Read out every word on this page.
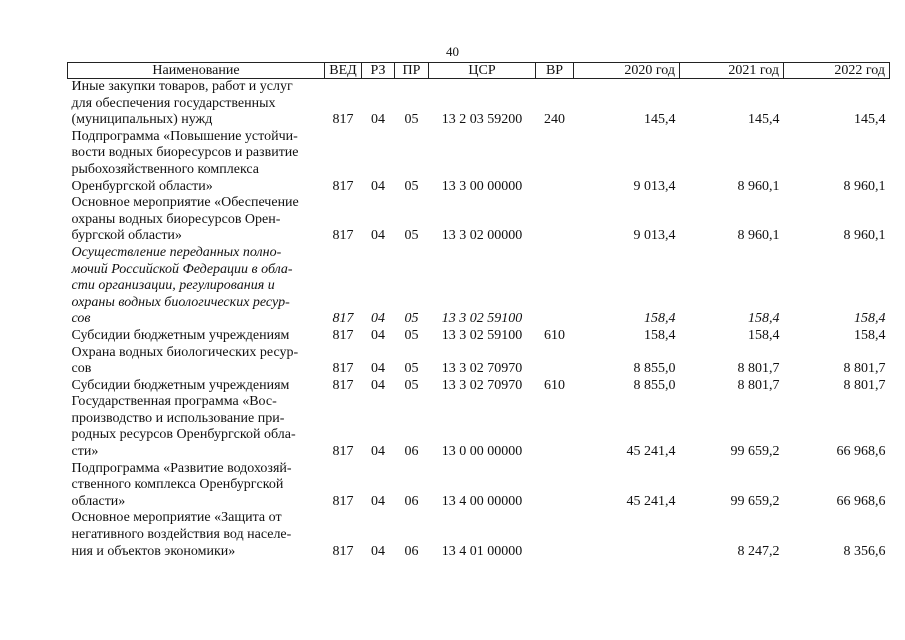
40
Наименование	ВЕД	РЗ	ПР	ЦСР	ВР	2020 год	2021 год	2022 год
Иные закупки товаров, работ и услуг
для обеспечения государственных
(муниципальных) нужд	817	04	05	13 2 03 59200	240	145,4	145,4	145,4
Подпрограмма «Повышение устойчи-
вости водных биоресурсов и развитие
рыбохозяйственного комплекса
Оренбургской области»	817	04	05	13 3 00 00000		9 013,4	8 960,1	8 960,1
Основное мероприятие «Обеспечение
охраны водных биоресурсов Орен-
бургской области»	817	04	05	13 3 02 00000		9 013,4	8 960,1	8 960,1
Осуществление переданных полно-
мочий Российской Федерации в обла-
сти организации, регулирования и
охраны водных биологических ресур-
сов	817	04	05	13 3 02 59100		158,4	158,4	158,4
Субсидии бюджетным учреждениям	817	04	05	13 3 02 59100	610	158,4	158,4	158,4
Охрана водных биологических ресур-
сов	817	04	05	13 3 02 70970		8 855,0	8 801,7	8 801,7
Субсидии бюджетным учреждениям	817	04	05	13 3 02 70970	610	8 855,0	8 801,7	8 801,7
Государственная программа «Вос-
производство и использование при-
родных ресурсов Оренбургской обла-
сти»	817	04	06	13 0 00 00000		45 241,4	99 659,2	66 968,6
Подпрограмма «Развитие водохозяй-
ственного комплекса Оренбургской
области»	817	04	06	13 4 00 00000		45 241,4	99 659,2	66 968,6
Основное мероприятие «Защита от
негативного воздействия вод населе-
ния и объектов экономики»	817	04	06	13 4 01 00000			8 247,2	8 356,6
